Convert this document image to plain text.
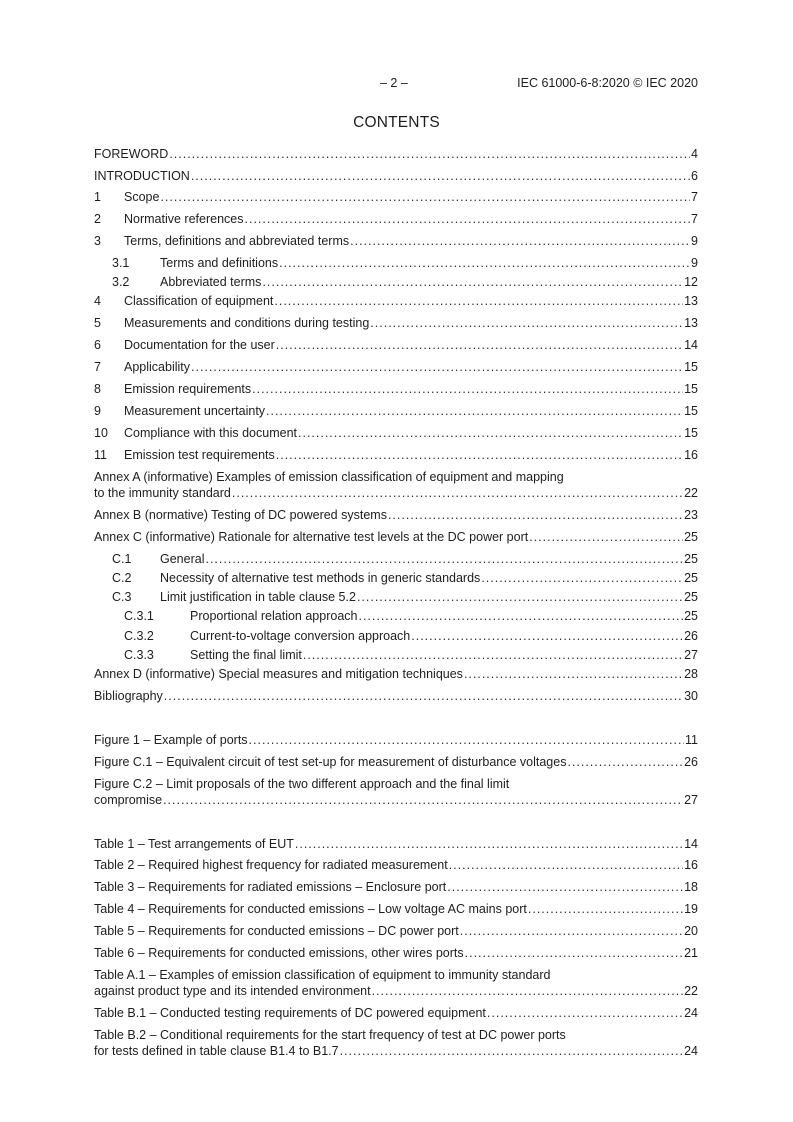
– 2 –	IEC 61000-6-8:2020 © IEC 2020
CONTENTS
FOREWORD .....	4
INTRODUCTION .....	6
1	Scope .....	7
2	Normative references .....	7
3	Terms, definitions and abbreviated terms .....	9
3.1	Terms and definitions .....	9
3.2	Abbreviated terms .....	12
4	Classification of equipment .....	13
5	Measurements and conditions during testing .....	13
6	Documentation for the user .....	14
7	Applicability .....	15
8	Emission requirements .....	15
9	Measurement uncertainty .....	15
10	Compliance with this document .....	15
11	Emission test requirements .....	16
Annex A (informative) Examples of emission classification of equipment and mapping
to the immunity standard .....	22
Annex B (normative) Testing of DC powered systems .....	23
Annex C (informative) Rationale for alternative test levels at the DC power port .....	25
C.1	General .....	25
C.2	Necessity of alternative test methods in generic standards .....	25
C.3	Limit justification in table clause 5.2 .....	25
C.3.1	Proportional relation approach .....	25
C.3.2	Current-to-voltage conversion approach .....	26
C.3.3	Setting the final limit .....	27
Annex D (informative) Special measures and mitigation techniques .....	28
Bibliography .....	30
Figure 1 – Example of ports .....	11
Figure C.1 – Equivalent circuit of test set-up for measurement of disturbance voltages .....	26
Figure C.2 – Limit proposals of the two different approach and the final limit
compromise .....	27
Table 1 – Test arrangements of EUT .....	14
Table 2 – Required highest frequency for radiated measurement .....	16
Table 3 – Requirements for radiated emissions – Enclosure port .....	18
Table 4 – Requirements for conducted emissions – Low voltage AC mains port .....	19
Table 5 – Requirements for conducted emissions – DC power port .....	20
Table 6 – Requirements for conducted emissions, other wires ports .....	21
Table A.1 – Examples of emission classification of equipment to immunity standard
against product type and its intended environment .....	22
Table B.1 – Conducted testing requirements of DC powered equipment .....	24
Table B.2 – Conditional requirements for the start frequency of test at DC power ports
for tests defined in table clause B1.4 to B1.7 .....	24
